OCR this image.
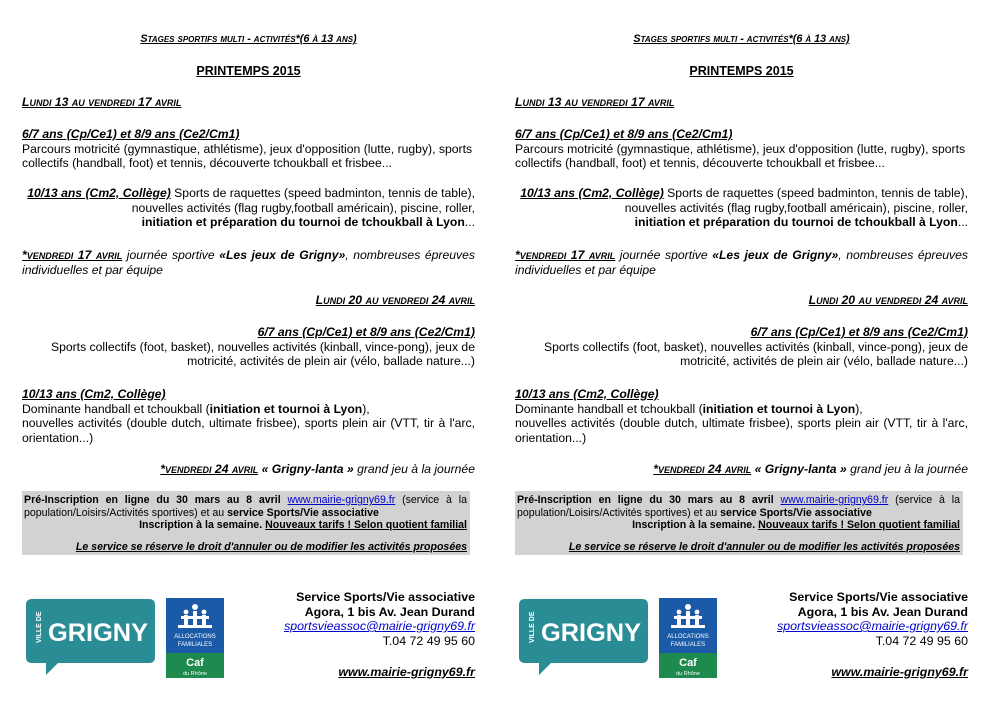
Stages sportifs multi - activités*(6 à 13 ans)
PRINTEMPS 2015
Lundi 13 au vendredi 17 avril
6/7 ans (Cp/Ce1) et 8/9 ans (Ce2/Cm1)
Parcours motricité (gymnastique, athlétisme), jeux d'opposition (lutte, rugby), sports collectifs (handball, foot) et tennis, découverte tchoukball et frisbee...
10/13 ans (Cm2, Collège) Sports de raquettes (speed badminton, tennis de table), nouvelles activités (flag rugby,football américain), piscine, roller,
initiation et préparation du tournoi de tchoukball à Lyon...
*vendredi 17 avril journée sportive «Les jeux de Grigny», nombreuses épreuves individuelles et par équipe
Lundi 20 au vendredi 24 avril
6/7 ans (Cp/Ce1) et 8/9 ans (Ce2/Cm1)
Sports collectifs (foot, basket), nouvelles activités (kinball, vince-pong), jeux de motricité, activités de plein air (vélo, ballade nature...)
10/13 ans (Cm2, Collège)
Dominante handball et tchoukball (initiation et tournoi à Lyon),
nouvelles activités (double dutch, ultimate frisbee), sports plein air (VTT, tir à l'arc, orientation...)
*vendredi 24 avril « Grigny-lanta » grand jeu à la journée
Pré-Inscription en ligne du 30 mars au 8 avril www.mairie-grigny69.fr (service à la population/Loisirs/Activités sportives) et au service Sports/Vie associative
Inscription à la semaine. Nouveaux tarifs ! Selon quotient familial
Le service se réserve le droit d'annuler ou de modifier les activités proposées
VILLE DE GRIGNY	ALLOCATIONS
FAMILIALES
Caf
du Rhône
Service Sports/Vie associative
Agora, 1 bis Av. Jean Durand
sportsvieassoc@mairie-grigny69.fr
T.04 72 49 95 60
www.mairie-grigny69.fr
Stages sportifs multi - activités*(6 à 13 ans)
PRINTEMPS 2015
Lundi 13 au vendredi 17 avril
6/7 ans (Cp/Ce1) et 8/9 ans (Ce2/Cm1)
Parcours motricité (gymnastique, athlétisme), jeux d'opposition (lutte, rugby), sports collectifs (handball, foot) et tennis, découverte tchoukball et frisbee...
10/13 ans (Cm2, Collège) Sports de raquettes (speed badminton, tennis de table), nouvelles activités (flag rugby,football américain), piscine, roller,
initiation et préparation du tournoi de tchoukball à Lyon...
*vendredi 17 avril journée sportive «Les jeux de Grigny», nombreuses épreuves individuelles et par équipe
Lundi 20 au vendredi 24 avril
6/7 ans (Cp/Ce1) et 8/9 ans (Ce2/Cm1)
Sports collectifs (foot, basket), nouvelles activités (kinball, vince-pong), jeux de motricité, activités de plein air (vélo, ballade nature...)
10/13 ans (Cm2, Collège)
Dominante handball et tchoukball (initiation et tournoi à Lyon),
nouvelles activités (double dutch, ultimate frisbee), sports plein air (VTT, tir à l'arc, orientation...)
*vendredi 24 avril « Grigny-lanta » grand jeu à la journée
Pré-Inscription en ligne du 30 mars au 8 avril www.mairie-grigny69.fr (service à la population/Loisirs/Activités sportives) et au service Sports/Vie associative
Inscription à la semaine. Nouveaux tarifs ! Selon quotient familial
Le service se réserve le droit d'annuler ou de modifier les activités proposées
VILLE DE GRIGNY	ALLOCATIONS
FAMILIALES
Caf
du Rhône
Service Sports/Vie associative
Agora, 1 bis Av. Jean Durand
sportsvieassoc@mairie-grigny69.fr
T.04 72 49 95 60
www.mairie-grigny69.fr
